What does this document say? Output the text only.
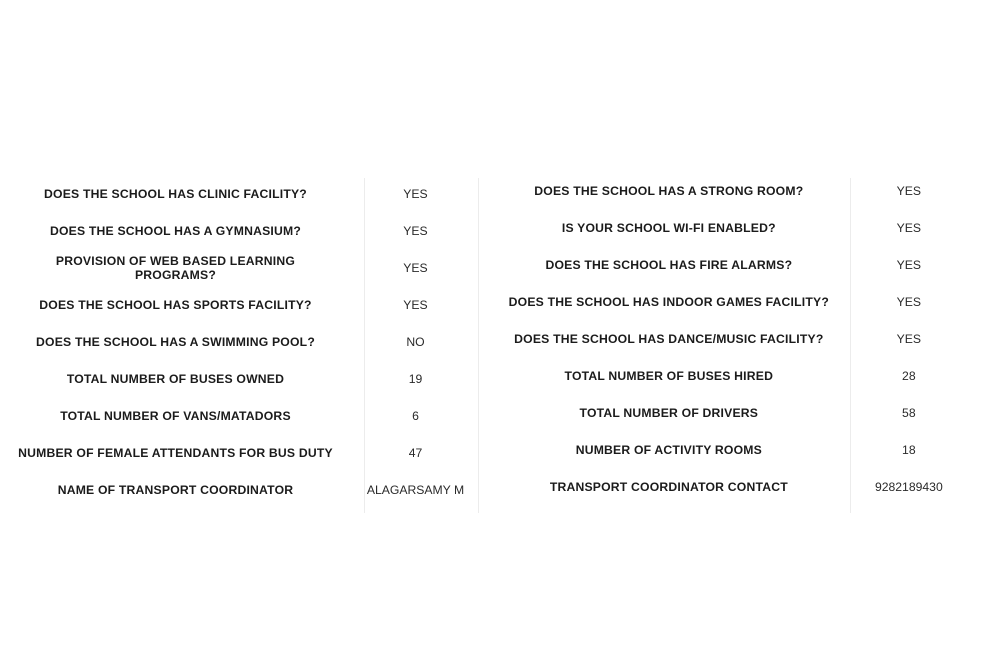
DOES THE SCHOOL HAS CLINIC FACILITY?	YES
DOES THE SCHOOL HAS A GYMNASIUM?	YES
PROVISION OF WEB BASED LEARNING PROGRAMS?	YES
DOES THE SCHOOL HAS SPORTS FACILITY?	YES
DOES THE SCHOOL HAS A SWIMMING POOL?	NO
TOTAL NUMBER OF BUSES OWNED	19
TOTAL NUMBER OF VANS/MATADORS	6
NUMBER OF FEMALE ATTENDANTS FOR BUS DUTY	47
NAME OF TRANSPORT COORDINATOR	ALAGARSAMY M
DOES THE SCHOOL HAS A STRONG ROOM?	YES
IS YOUR SCHOOL WI-FI ENABLED?	YES
DOES THE SCHOOL HAS FIRE ALARMS?	YES
DOES THE SCHOOL HAS INDOOR GAMES FACILITY?	YES
DOES THE SCHOOL HAS DANCE/MUSIC FACILITY?	YES
TOTAL NUMBER OF BUSES HIRED	28
TOTAL NUMBER OF DRIVERS	58
NUMBER OF ACTIVITY ROOMS	18
TRANSPORT COORDINATOR CONTACT	9282189430
